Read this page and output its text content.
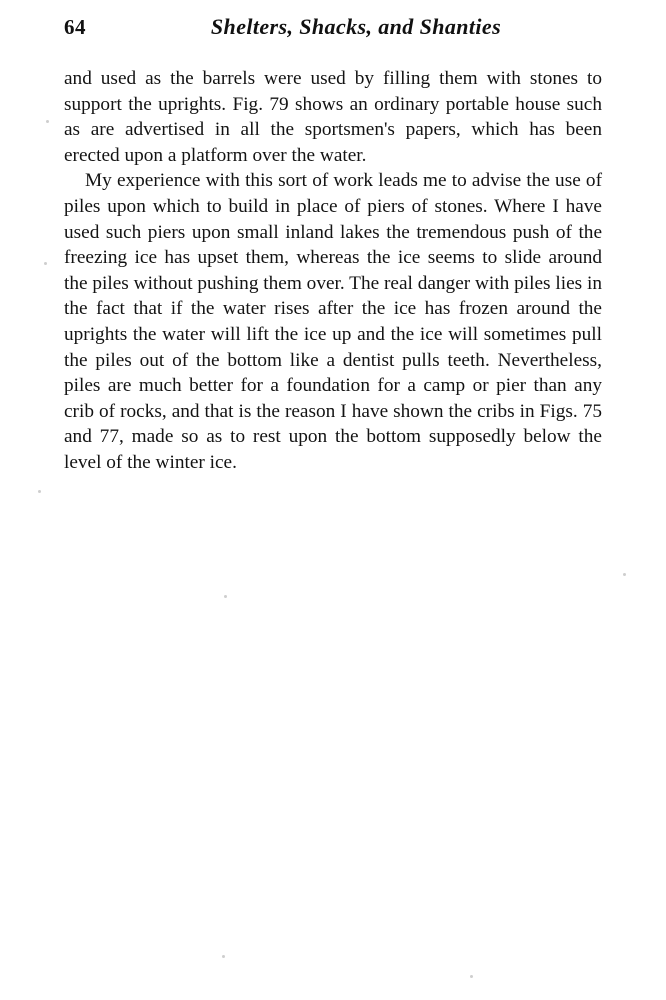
64	Shelters, Shacks, and Shanties

and used as the barrels were used by filling them with stones to support the uprights. Fig. 79 shows an ordinary portable house such as are advertised in all the sportsmen's papers, which has been erected upon a platform over the water.

My experience with this sort of work leads me to advise the use of piles upon which to build in place of piers of stones. Where I have used such piers upon small inland lakes the tremendous push of the freezing ice has upset them, whereas the ice seems to slide around the piles without pushing them over. The real danger with piles lies in the fact that if the water rises after the ice has frozen around the uprights the water will lift the ice up and the ice will sometimes pull the piles out of the bottom like a dentist pulls teeth. Nevertheless, piles are much better for a foundation for a camp or pier than any crib of rocks, and that is the reason I have shown the cribs in Figs. 75 and 77, made so as to rest upon the bottom supposedly below the level of the winter ice.
